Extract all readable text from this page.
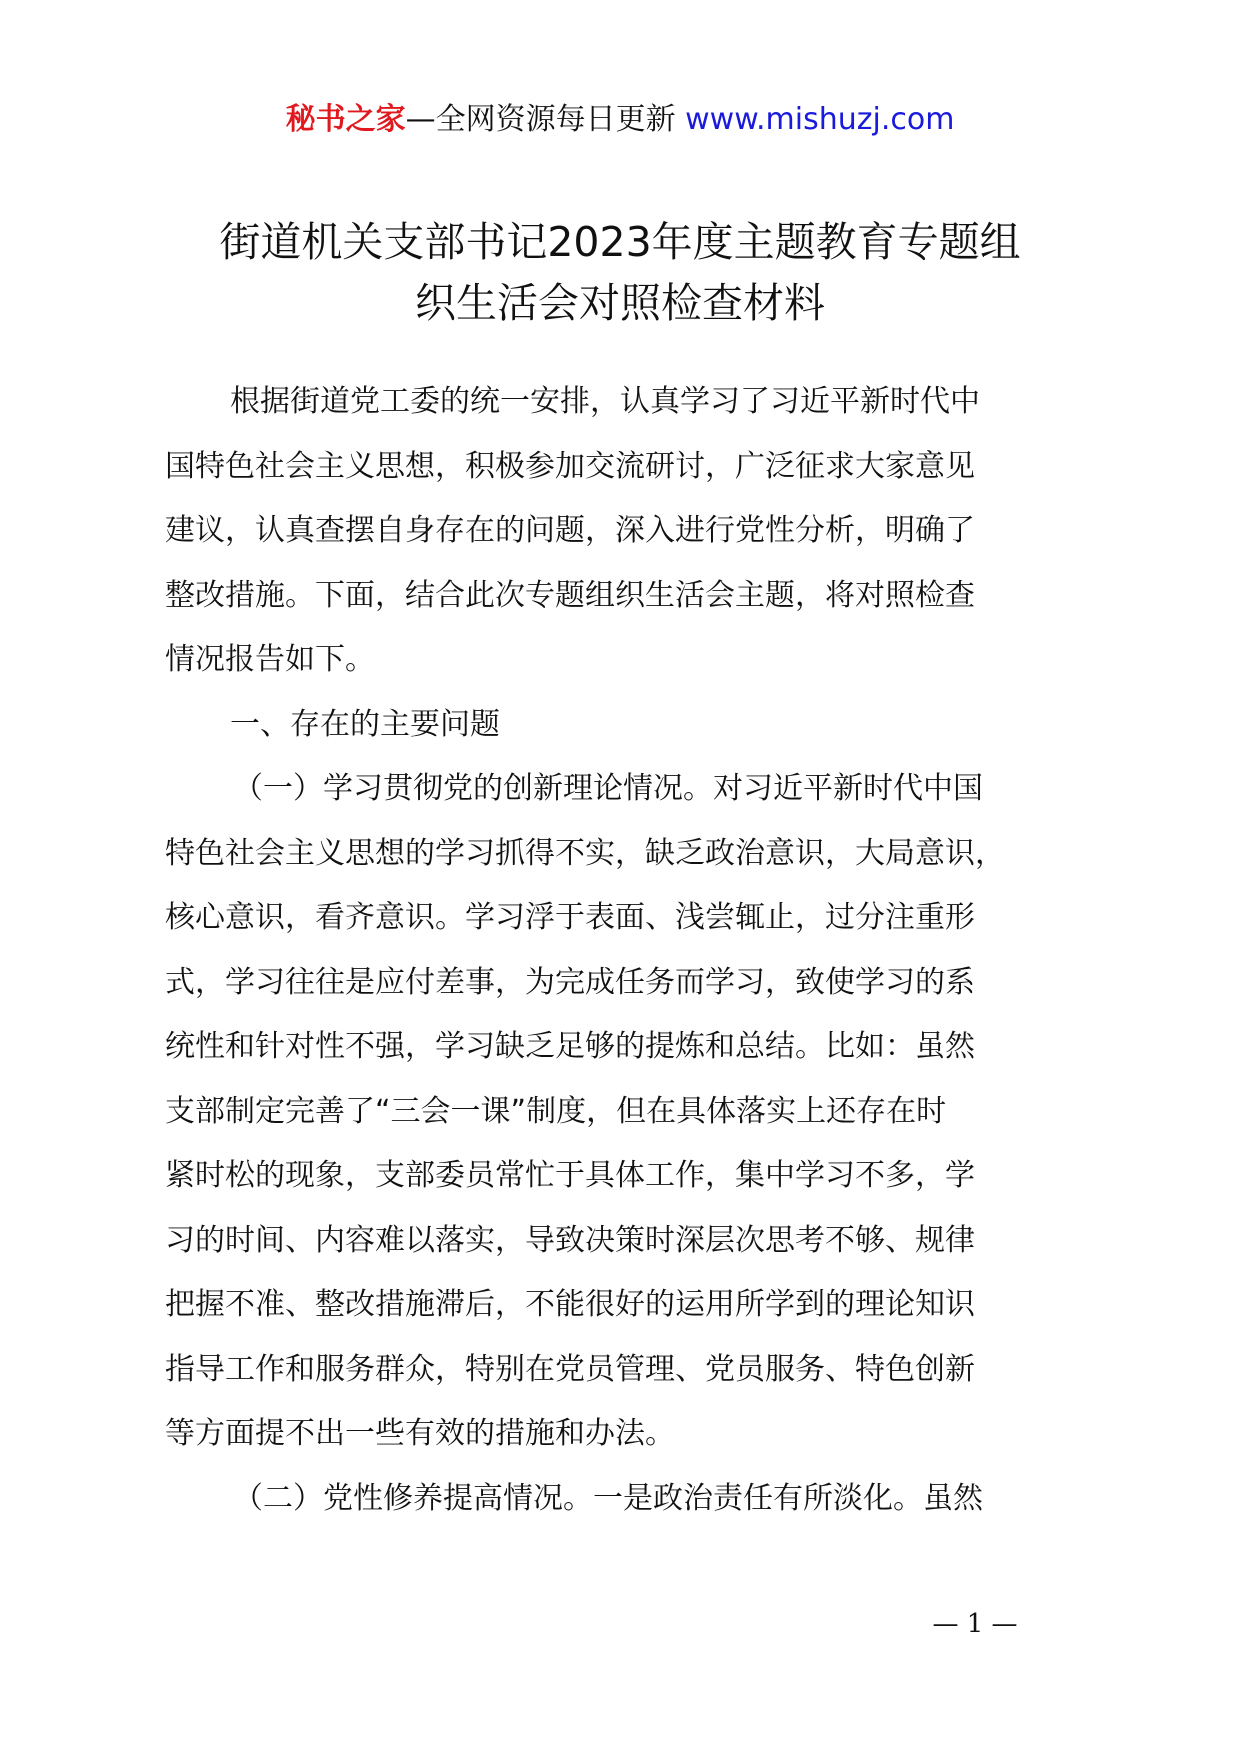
秘书之家—全网资源每日更新 www.mishuzj.com
街道机关支部书记2023年度主题教育专题组
织生活会对照检查材料
根据街道党工委的统一安排，认真学习了习近平新时代中
国特色社会主义思想，积极参加交流研讨，广泛征求大家意见
建议，认真查摆自身存在的问题，深入进行党性分析，明确了
整改措施。下面，结合此次专题组织生活会主题，将对照检查
情况报告如下。
一、存在的主要问题
（一）学习贯彻党的创新理论情况。对习近平新时代中国
特色社会主义思想的学习抓得不实，缺乏政治意识，大局意识，
核心意识，看齐意识。学习浮于表面、浅尝辄止，过分注重形
式，学习往往是应付差事，为完成任务而学习，致使学习的系
统性和针对性不强，学习缺乏足够的提炼和总结。比如：虽然
支部制定完善了“三会一课”制度，但在具体落实上还存在时
紧时松的现象，支部委员常忙于具体工作，集中学习不多，学
习的时间、内容难以落实，导致决策时深层次思考不够、规律
把握不准、整改措施滞后，不能很好的运用所学到的理论知识
指导工作和服务群众，特别在党员管理、党员服务、特色创新
等方面提不出一些有效的措施和办法。
（二）党性修养提高情况。一是政治责任有所淡化。虽然
— 1 —
